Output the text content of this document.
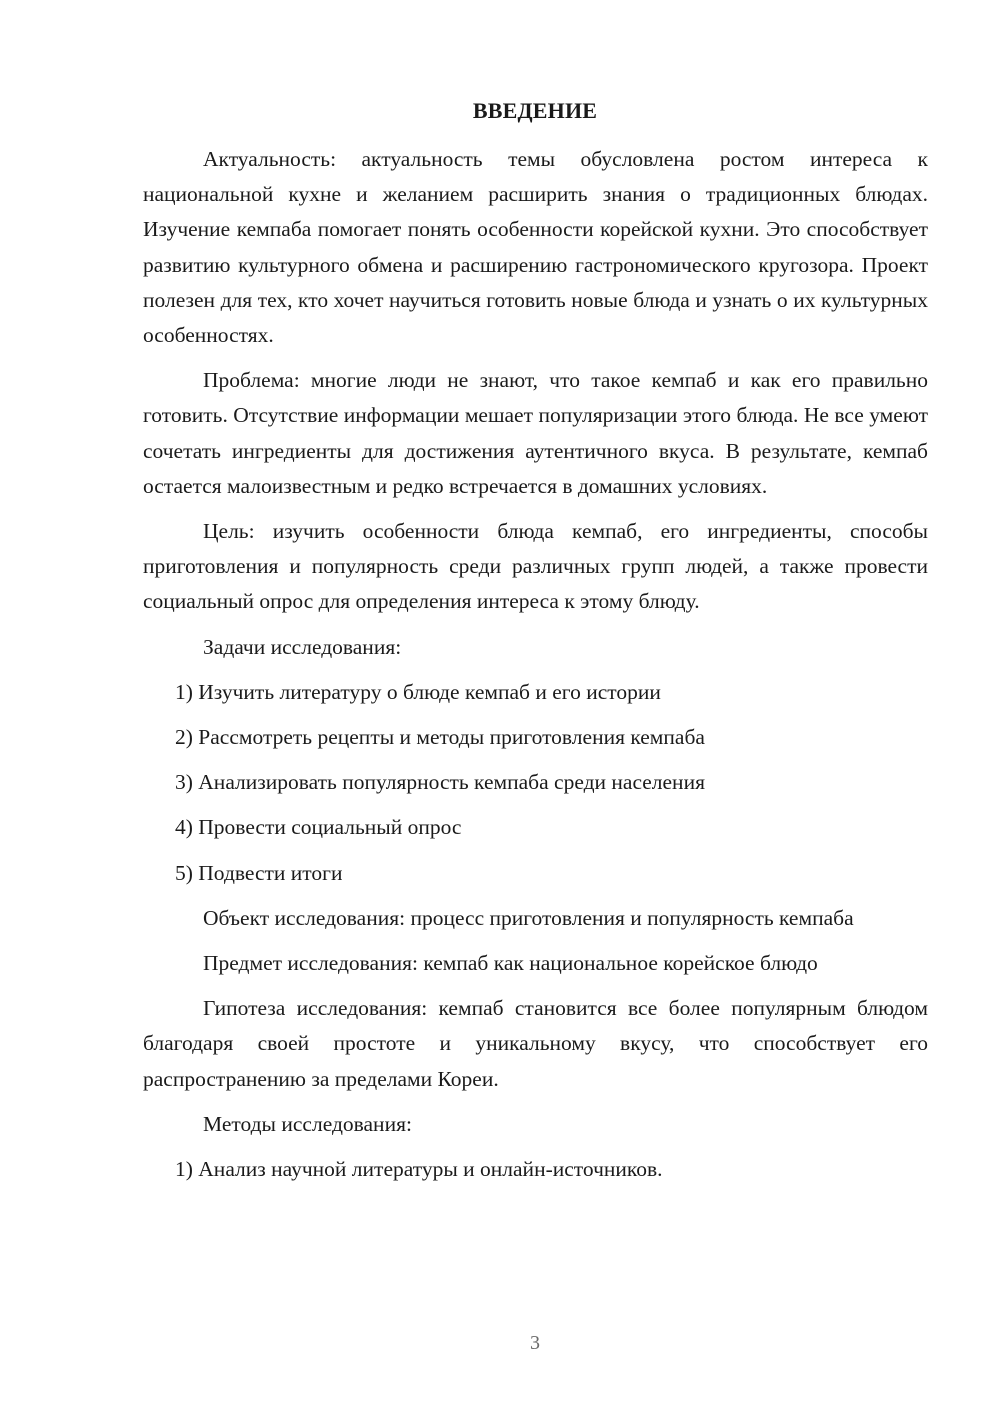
ВВЕДЕНИЕ

Актуальность: актуальность темы обусловлена ростом интереса к национальной кухне и желанием расширить знания о традиционных блюдах. Изучение кемпаба помогает понять особенности корейской кухни. Это способствует развитию культурного обмена и расширению гастрономического кругозора. Проект полезен для тех, кто хочет научиться готовить новые блюда и узнать о их культурных особенностях.

Проблема: многие люди не знают, что такое кемпаб и как его правильно готовить. Отсутствие информации мешает популяризации этого блюда. Не все умеют сочетать ингредиенты для достижения аутентичного вкуса. В результате, кемпаб остается малоизвестным и редко встречается в домашних условиях.

Цель: изучить особенности блюда кемпаб, его ингредиенты, способы приготовления и популярность среди различных групп людей, а также провести социальный опрос для определения интереса к этому блюду.

Задачи исследования:

1) Изучить литературу о блюде кемпаб и его истории

2) Рассмотреть рецепты и методы приготовления кемпаба

3) Анализировать популярность кемпаба среди населения

4) Провести социальный опрос

5) Подвести итоги

Объект исследования: процесс приготовления и популярность кемпаба

Предмет исследования: кемпаб как национальное корейское блюдо

Гипотеза исследования: кемпаб становится все более популярным блюдом благодаря своей простоте и уникальному вкусу, что способствует его распространению за пределами Кореи.

Методы исследования:

1) Анализ научной литературы и онлайн-источников.

3
